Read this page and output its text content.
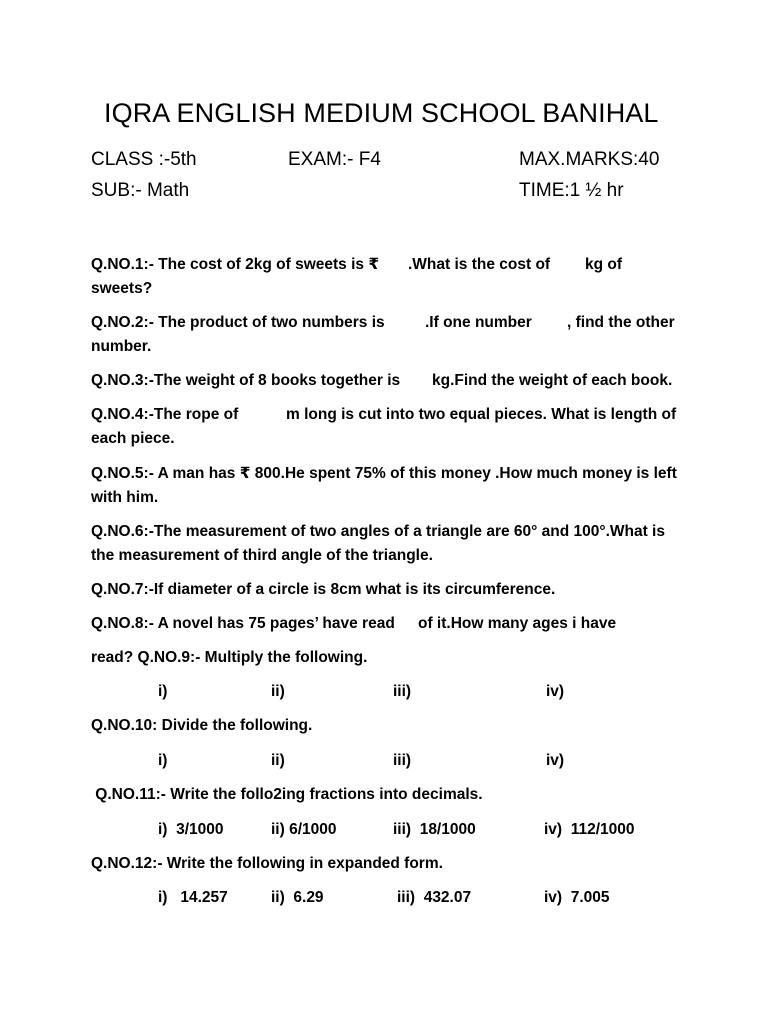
IQRA ENGLISH MEDIUM SCHOOL BANIHAL
CLASS :-5th	EXAM:- F4	MAX.MARKS:40
SUB:- Math	TIME:1 ½ hr
Q.NO.1:- The cost of 2kg of sweets is ₹ .What is the cost of kg of
sweets?
Q.NO.2:- The product of two numbers is	.If one number , find the other
number.
Q.NO.3:-The weight of 8 books together is kg.Find the weight of each book.
Q.NO.4:-The rope of	m long is cut into two equal pieces. What is length of
each piece.
Q.NO.5:- A man has ₹ 800.He spent 75% of this money .How much money is left
with him.
Q.NO.6:-The measurement of two angles of a triangle are 60° and 100°.What is
the measurement of third angle of the triangle.
Q.NO.7:-If diameter of a circle is 8cm what is its circumference.
Q.NO.8:- A novel has 75 pages’ have read of it.How many ages i have
read? Q.NO.9:- Multiply the following.
i)	ii)	iii)	iv)
Q.NO.10: Divide the following.
i)	ii)	iii)	iv)
Q.NO.11:- Write the follo2ing fractions into decimals.
i)  3/1000	ii) 6/1000	iii)  18/1000	iv)  112/1000
Q.NO.12:- Write the following in expanded form.
i)   14.257	ii)  6.29	iii)  432.07	iv)  7.005
